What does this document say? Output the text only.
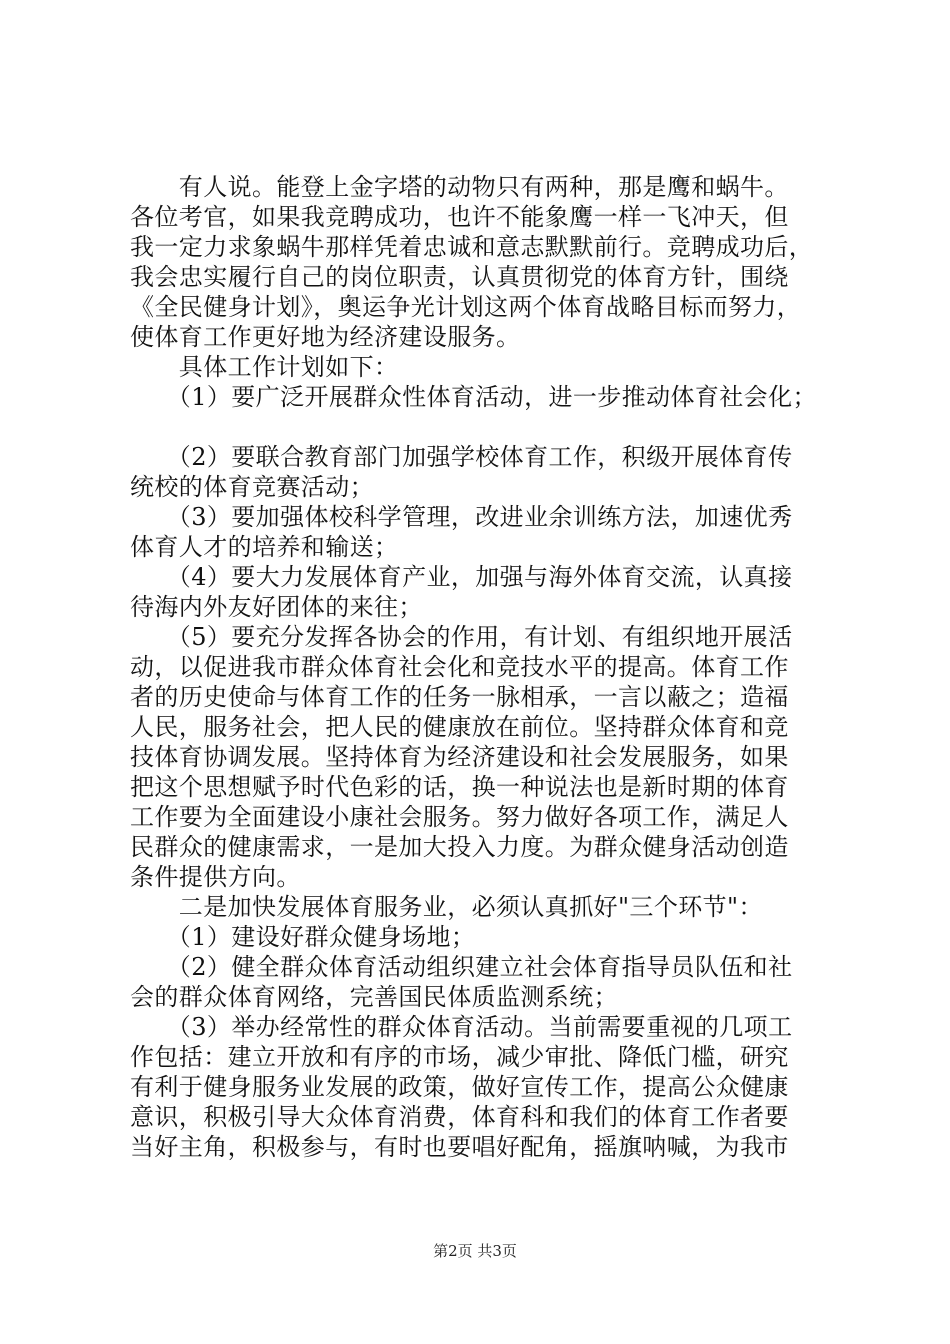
　　有人说。能登上金字塔的动物只有两种，那是鹰和蜗牛。
各位考官，如果我竞聘成功，也许不能象鹰一样一飞冲天，但
我一定力求象蜗牛那样凭着忠诚和意志默默前行。竞聘成功后，
我会忠实履行自己的岗位职责，认真贯彻党的体育方针，围绕
《全民健身计划》，奥运争光计划这两个体育战略目标而努力，
使体育工作更好地为经济建设服务。
　　具体工作计划如下：
　　（1）要广泛开展群众性体育活动，进一步推动体育社会化；
　　（2）要联合教育部门加强学校体育工作，积级开展体育传
统校的体育竞赛活动；
　　（3）要加强体校科学管理，改进业余训练方法，加速优秀
体育人才的培养和输送；
　　（4）要大力发展体育产业，加强与海外体育交流，认真接
待海内外友好团体的来往；
　　（5）要充分发挥各协会的作用，有计划、有组织地开展活
动，以促进我市群众体育社会化和竞技水平的提高。体育工作
者的历史使命与体育工作的任务一脉相承，一言以蔽之；造福
人民，服务社会，把人民的健康放在前位。坚持群众体育和竞
技体育协调发展。坚持体育为经济建设和社会发展服务，如果
把这个思想赋予时代色彩的话，换一种说法也是新时期的体育
工作要为全面建设小康社会服务。努力做好各项工作，满足人
民群众的健康需求，一是加大投入力度。为群众健身活动创造
条件提供方向。
　　二是加快发展体育服务业，必须认真抓好"三个环节"：
　　（1）建设好群众健身场地；
　　（2）健全群众体育活动组织建立社会体育指导员队伍和社
会的群众体育网络，完善国民体质监测系统；
　　（3）举办经常性的群众体育活动。当前需要重视的几项工
作包括：建立开放和有序的市场，减少审批、降低门槛，研究
有利于健身服务业发展的政策，做好宣传工作，提高公众健康
意识，积极引导大众体育消费，体育科和我们的体育工作者要
当好主角，积极参与，有时也要唱好配角，摇旗呐喊，为我市
第2页 共3页
